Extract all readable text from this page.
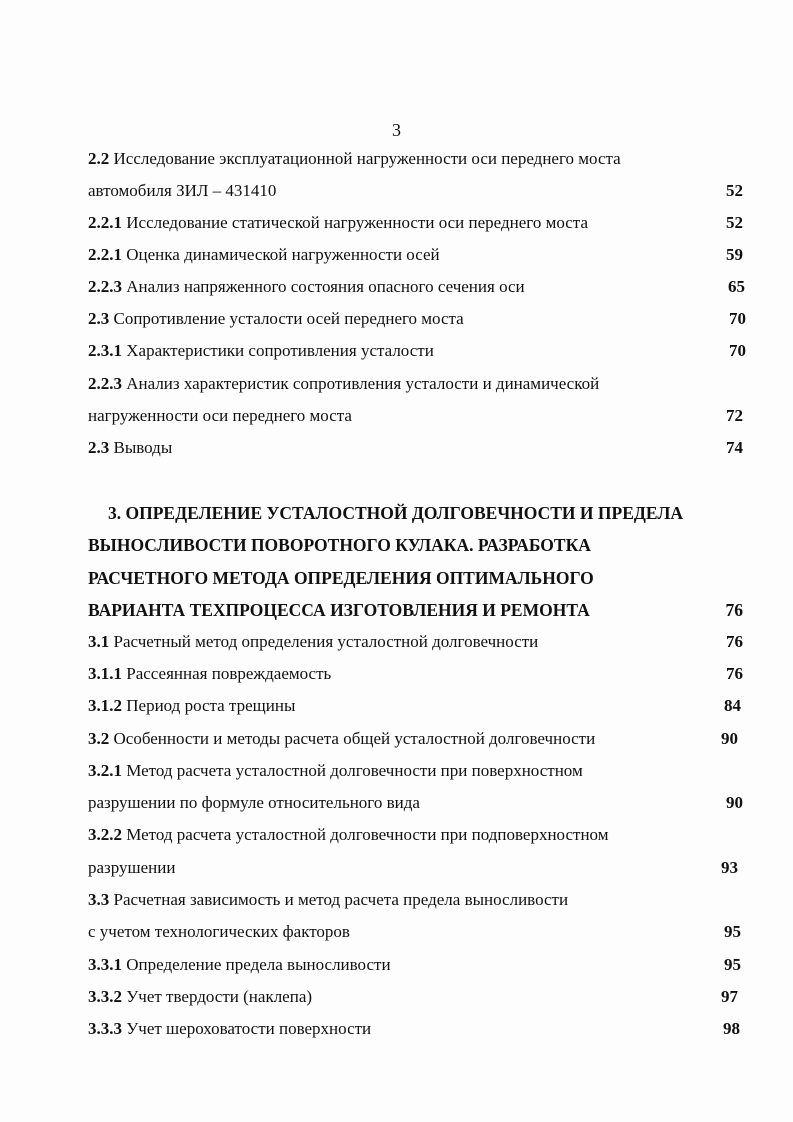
3
2.2 Исследование эксплуатационной нагруженности оси переднего моста
автомобиля ЗИЛ – 431410	52
2.2.1 Исследование статической нагруженности оси переднего моста	52
2.2.1 Оценка динамической нагруженности осей	59
2.2.3 Анализ напряженного состояния опасного сечения оси	65
2.3 Сопротивление усталости осей переднего моста	70
2.3.1 Характеристики сопротивления усталости	70
2.2.3 Анализ характеристик сопротивления усталости и динамической
нагруженности оси переднего моста	72
2.3 Выводы	74
3. ОПРЕДЕЛЕНИЕ УСТАЛОСТНОЙ ДОЛГОВЕЧНОСТИ И ПРЕДЕЛА
ВЫНОСЛИВОСТИ ПОВОРОТНОГО КУЛАКА. РАЗРАБОТКА
РАСЧЕТНОГО МЕТОДА ОПРЕДЕЛЕНИЯ ОПТИМАЛЬНОГО
ВАРИАНТА ТЕХПРОЦЕССА ИЗГОТОВЛЕНИЯ И РЕМОНТА	76
3.1 Расчетный метод определения усталостной долговечности	76
3.1.1 Рассеянная повреждаемость	76
3.1.2 Период роста трещины	84
3.2 Особенности и методы расчета общей усталостной долговечности	90
3.2.1 Метод расчета усталостной долговечности при поверхностном
разрушении по формуле относительного вида	90
3.2.2 Метод расчета усталостной долговечности при подповерхностном
разрушении	93
3.3 Расчетная зависимость и метод расчета предела выносливости
с учетом технологических факторов	95
3.3.1 Определение предела выносливости	95
3.3.2 Учет твердости (наклепа)	97
3.3.3 Учет шероховатости поверхности	98
